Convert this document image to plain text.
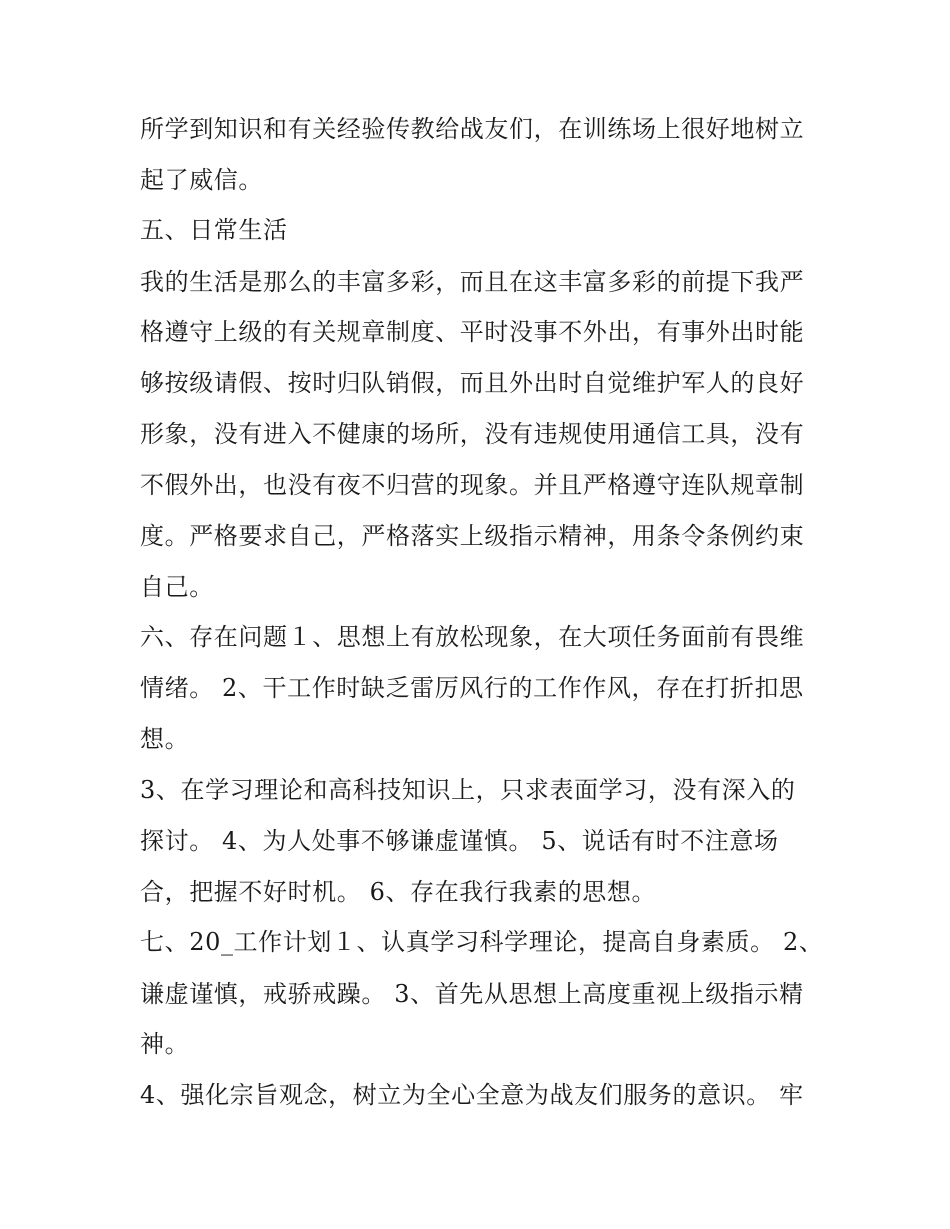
所学到知识和有关经验传教给战友们，在训练场上很好地树立
起了威信。
五、日常生活
我的生活是那么的丰富多彩，而且在这丰富多彩的前提下我严
格遵守上级的有关规章制度、平时没事不外出，有事外出时能
够按级请假、按时归队销假，而且外出时自觉维护军人的良好
形象，没有进入不健康的场所，没有违规使用通信工具，没有
不假外出，也没有夜不归营的现象。并且严格遵守连队规章制
度。严格要求自己，严格落实上级指示精神，用条令条例约束
自己。
六、存在问题１、思想上有放松现象，在大项任务面前有畏维
情绪。 2、干工作时缺乏雷厉风行的工作作风，存在打折扣思
想。
3、在学习理论和高科技知识上，只求表面学习，没有深入的
探讨。 4、为人处事不够谦虚谨慎。 5、说话有时不注意场
合，把握不好时机。 6、存在我行我素的思想。
七、20_工作计划１、认真学习科学理论，提高自身素质。 2、
谦虚谨慎，戒骄戒躁。 3、首先从思想上高度重视上级指示精
神。
4、强化宗旨观念，树立为全心全意为战友们服务的意识。 牢
